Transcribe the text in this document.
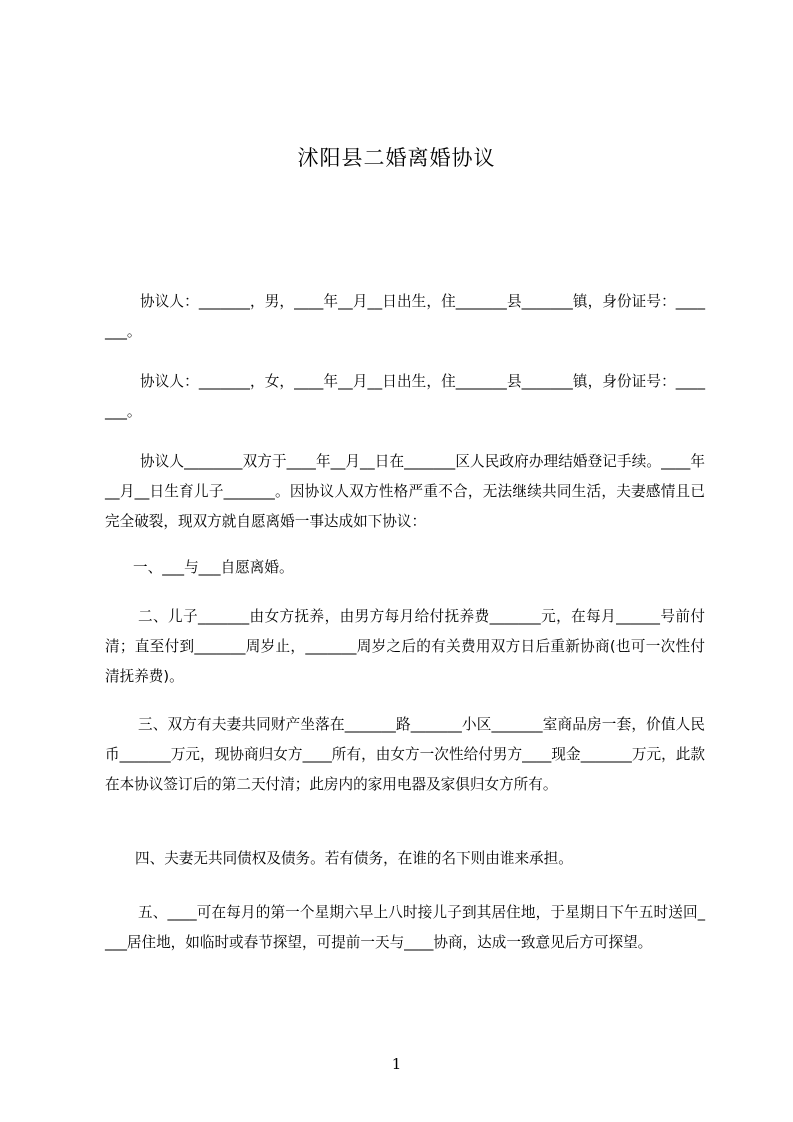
沭阳县二婚离婚协议
协议人：_______，男，____年__月__日出生，住_______县_______镇，身份证号：_______。
协议人：_______，女，____年__月__日出生，住_______县_______镇，身份证号：_______。
协议人________双方于____年__月__日在_______区人民政府办理结婚登记手续。____年__月__日生育儿子_______。因协议人双方性格严重不合，无法继续共同生活，夫妻感情且已完全破裂，现双方就自愿离婚一事达成如下协议：
一、___与___自愿离婚。
二、儿子_______由女方抚养，由男方每月给付抚养费_______元，在每月______号前付清；直至付到_______周岁止，_______周岁之后的有关费用双方日后重新协商(也可一次性付清抚养费)。
三、双方有夫妻共同财产坐落在_______路_______小区_______室商品房一套，价值人民币_______万元，现协商归女方____所有，由女方一次性给付男方____现金_______万元，此款在本协议签订后的第二天付清；此房内的家用电器及家俱归女方所有。
四、夫妻无共同债权及债务。若有债务，在谁的名下则由谁来承担。
五、____可在每月的第一个星期六早上八时接儿子到其居住地，于星期日下午五时送回____居住地，如临时或春节探望，可提前一天与____协商，达成一致意见后方可探望。
1
